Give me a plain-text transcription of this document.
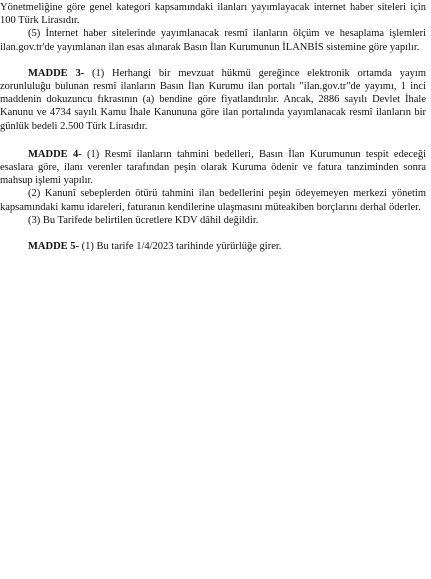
Yönetmeliğine göre genel kategori kapsamındaki ilanları yayımlayacak internet haber siteleri için 100 Türk Lirasıdır.

(5) İnternet haber sitelerinde yayımlanacak resmî ilanların ölçüm ve hesaplama işlemleri ilan.gov.tr'de yayımlanan ilan esas alınarak Basın İlan Kurumunun İLANBİS sistemine göre yapılır.

MADDE 3- (1) Herhangi bir mevzuat hükmü gereğince elektronik ortamda yayım zorunluluğu bulunan resmî ilanların Basın İlan Kurumu ilan portalı "ilan.gov.tr"de yayımı, 1 inci maddenin dokuzuncu fıkrasının (a) bendine göre fiyatlandırılır. Ancak, 2886 sayılı Devlet İhale Kanunu ve 4734 sayılı Kamu İhale Kanununa göre ilan portalında yayımlanacak resmî ilanların bir günlük bedeli 2.500 Türk Lirasıdır.

MADDE 4- (1) Resmî ilanların tahmini bedelleri, Basın İlan Kurumunun tespit edeceği esaslara göre, ilanı verenler tarafından peşin olarak Kuruma ödenir ve fatura tanziminden sonra mahsup işlemi yapılır.

(2) Kanunî sebeplerden ötürü tahmini ilan bedellerini peşin ödeyemeyen merkezi yönetim kapsamındaki kamu idareleri, faturanın kendilerine ulaşmasını müteakiben borçlarını derhal öderler.

(3) Bu Tarifede belirtilen ücretlere KDV dâhil değildir.

MADDE 5- (1) Bu tarife 1/4/2023 tarihinde yürürlüğe girer.
